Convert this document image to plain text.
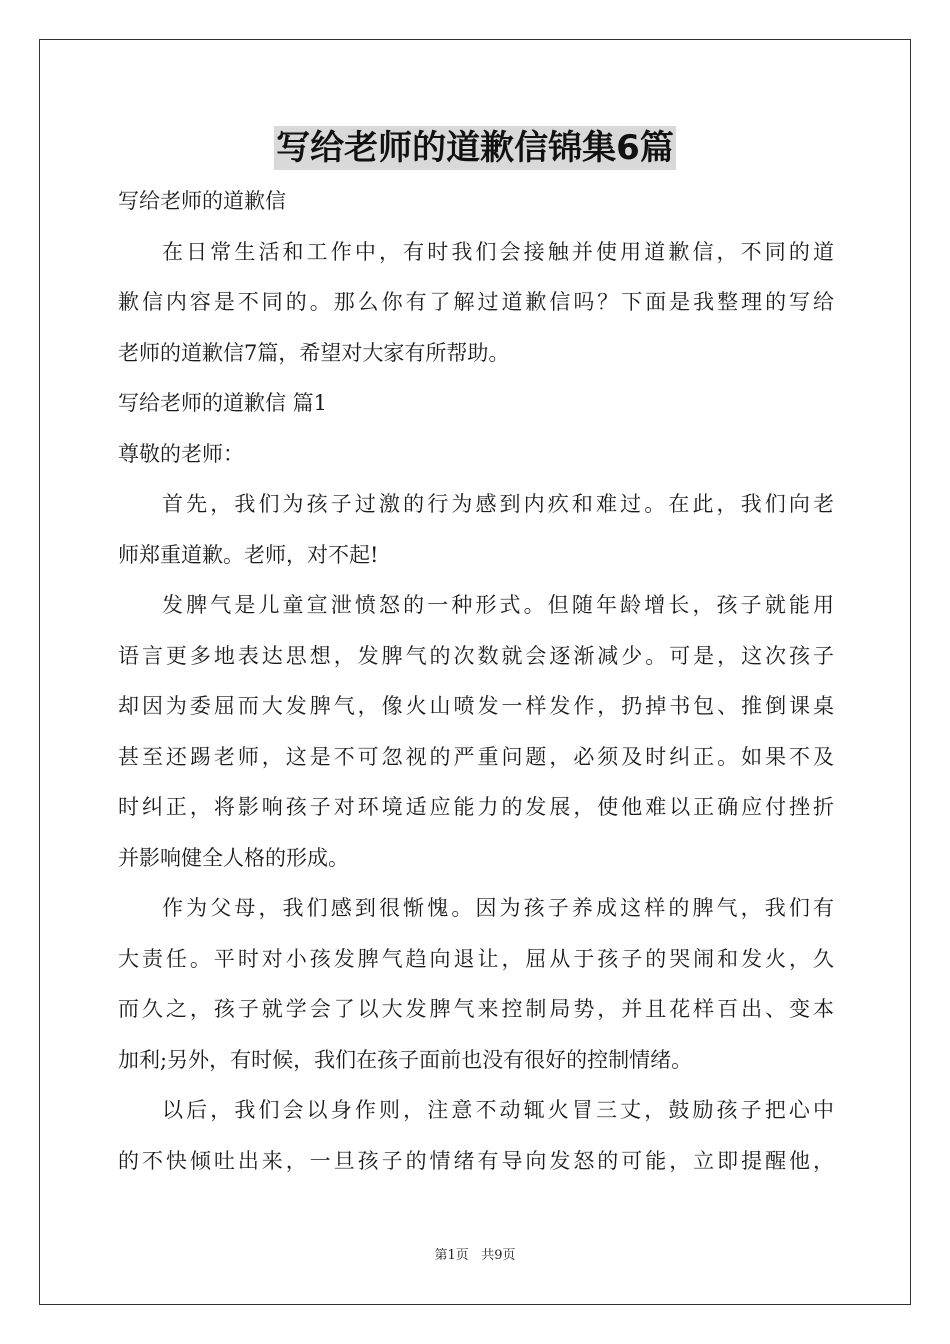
写给老师的道歉信锦集6篇
写给老师的道歉信
在日常生活和工作中，有时我们会接触并使用道歉信，不同的道
歉信内容是不同的。那么你有了解过道歉信吗？下面是我整理的写给
老师的道歉信7篇，希望对大家有所帮助。
写给老师的道歉信 篇1
尊敬的老师：
首先，我们为孩子过激的行为感到内疚和难过。在此，我们向老
师郑重道歉。老师，对不起!
发脾气是儿童宣泄愤怒的一种形式。但随年龄增长，孩子就能用
语言更多地表达思想，发脾气的次数就会逐渐减少。可是，这次孩子
却因为委屈而大发脾气，像火山喷发一样发作，扔掉书包、推倒课桌
甚至还踢老师，这是不可忽视的严重问题，必须及时纠正。如果不及
时纠正，将影响孩子对环境适应能力的发展，使他难以正确应付挫折
并影响健全人格的形成。
作为父母，我们感到很惭愧。因为孩子养成这样的脾气，我们有
大责任。平时对小孩发脾气趋向退让，屈从于孩子的哭闹和发火，久
而久之，孩子就学会了以大发脾气来控制局势，并且花样百出、变本
加利;另外，有时候，我们在孩子面前也没有很好的控制情绪。
以后，我们会以身作则，注意不动辄火冒三丈，鼓励孩子把心中
的不快倾吐出来，一旦孩子的情绪有导向发怒的可能，立即提醒他，
第1页 共9页
